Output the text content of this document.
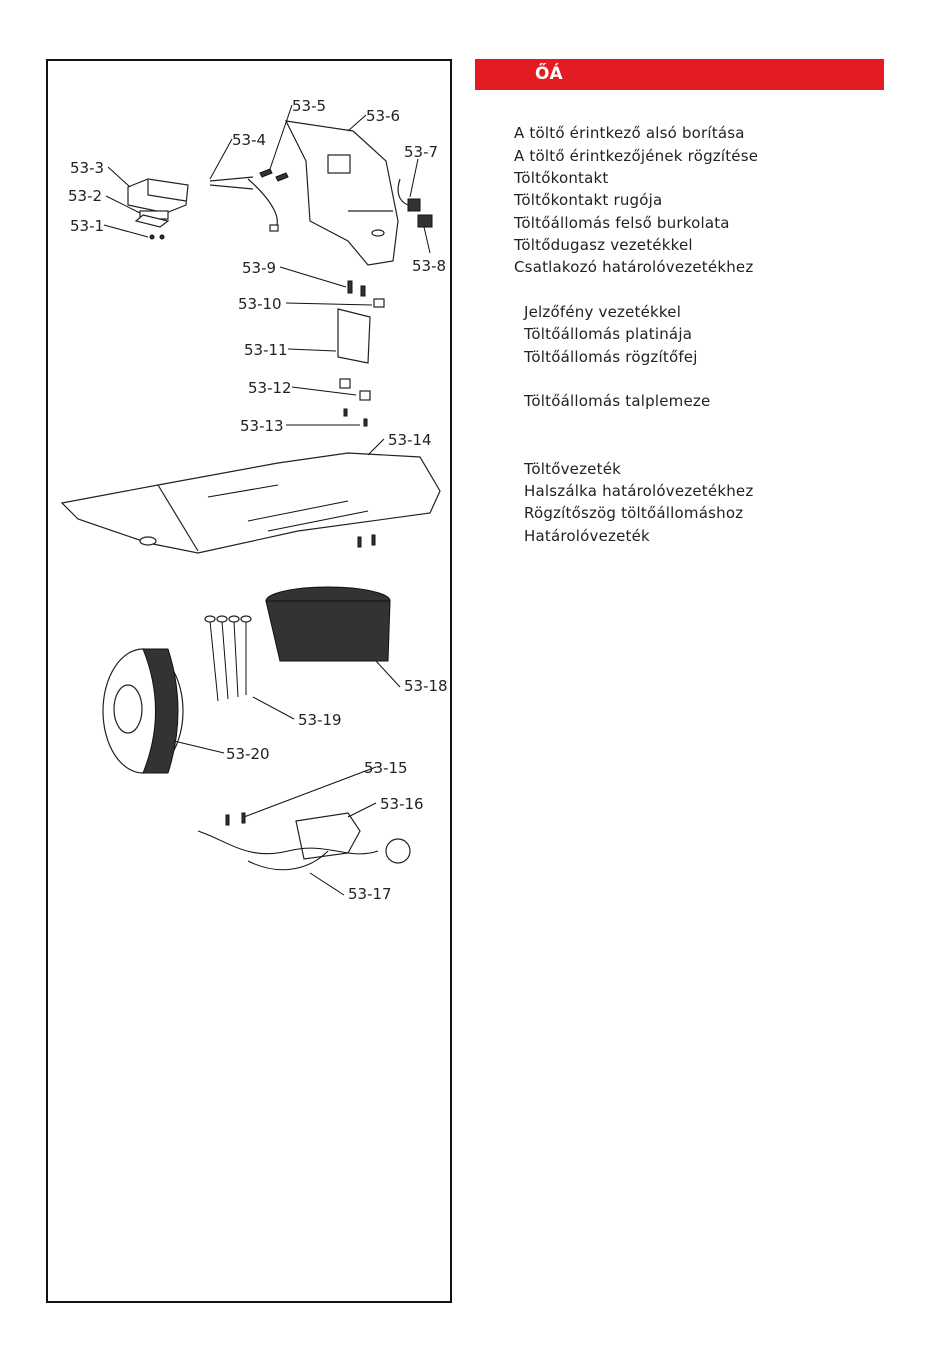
53-1
53-2
53-3
53-4
53-5
53-6
53-7
53-8
53-9
53-10
53-11
53-12
53-13
53-14
53-15
53-16
53-17
53-18
53-19
53-20
ŐÁ
A töltő érintkező alsó borítása
A töltő érintkezőjének rögzítése
Töltőkontakt
Töltőkontakt rugója
Töltőállomás felső burkolata
Töltődugasz vezetékkel
Csatlakozó határolóvezetékhez
Jelzőfény vezetékkel
Töltőállomás platinája
Töltőállomás rögzítőfej
Töltőállomás talplemeze
Töltővezeték
Halszálka határolóvezetékhez
Rögzítőszög töltőállomáshoz
Határolóvezeték
